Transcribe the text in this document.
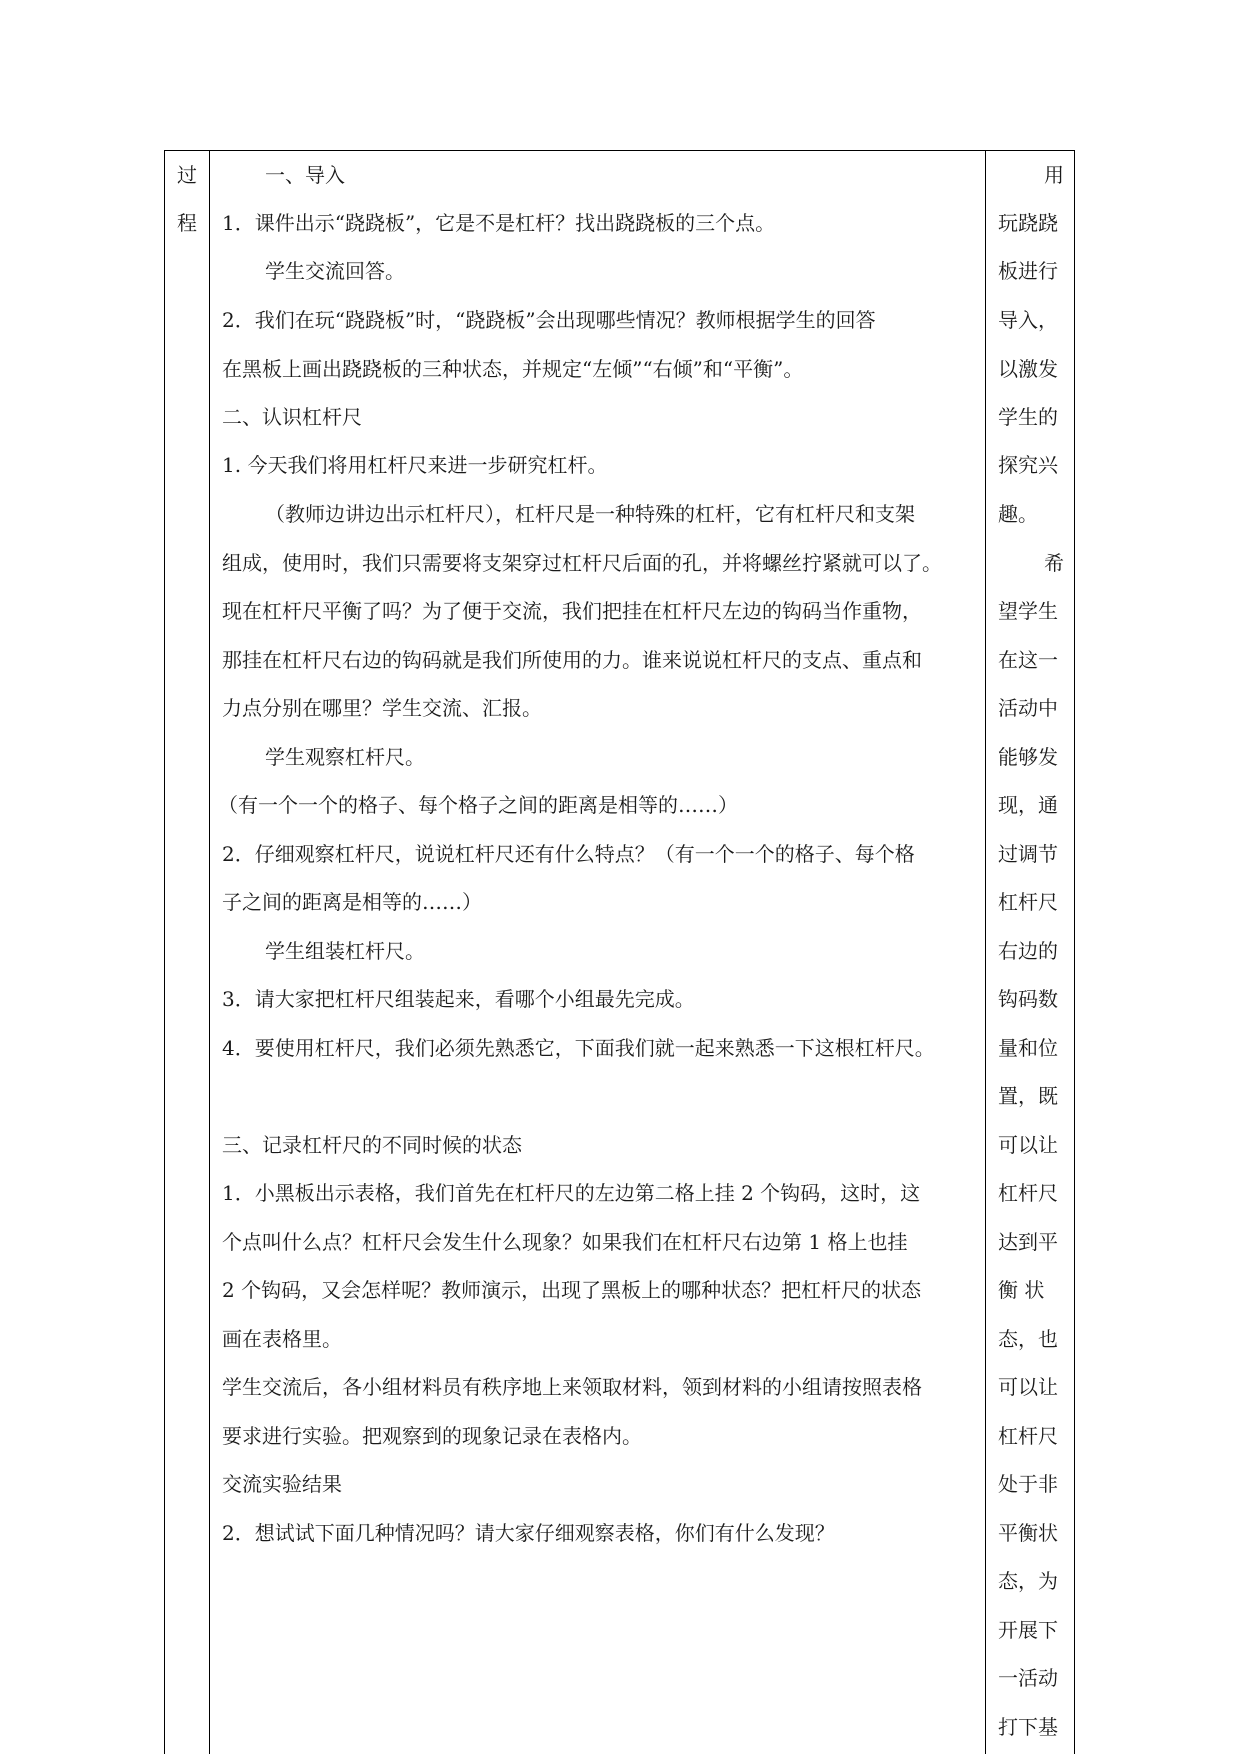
过
程
一、导入
1．课件出示“跷跷板”，它是不是杠杆？找出跷跷板的三个点。
学生交流回答。
2．我们在玩“跷跷板”时，“跷跷板”会出现哪些情况？教师根据学生的回答
在黑板上画出跷跷板的三种状态，并规定“左倾”“右倾”和“平衡”。
二、认识杠杆尺
1. 今天我们将用杠杆尺来进一步研究杠杆。
（教师边讲边出示杠杆尺），杠杆尺是一种特殊的杠杆，它有杠杆尺和支架
组成，使用时，我们只需要将支架穿过杠杆尺后面的孔，并将螺丝拧紧就可以了。
现在杠杆尺平衡了吗？为了便于交流，我们把挂在杠杆尺左边的钩码当作重物，
那挂在杠杆尺右边的钩码就是我们所使用的力。谁来说说杠杆尺的支点、重点和
力点分别在哪里？学生交流、汇报。
学生观察杠杆尺。
（有一个一个的格子、每个格子之间的距离是相等的……）
2．仔细观察杠杆尺，说说杠杆尺还有什么特点？（有一个一个的格子、每个格
子之间的距离是相等的……）
学生组装杠杆尺。
3．请大家把杠杆尺组装起来，看哪个小组最先完成。
4．要使用杠杆尺，我们必须先熟悉它，下面我们就一起来熟悉一下这根杠杆尺。
三、记录杠杆尺的不同时候的状态
1．小黑板出示表格，我们首先在杠杆尺的左边第二格上挂 2 个钩码，这时，这
个点叫什么点？杠杆尺会发生什么现象？如果我们在杠杆尺右边第 1 格上也挂
2 个钩码，又会怎样呢？教师演示，出现了黑板上的哪种状态？把杠杆尺的状态
画在表格里。
学生交流后，各小组材料员有秩序地上来领取材料，领到材料的小组请按照表格
要求进行实验。把观察到的现象记录在表格内。
交流实验结果
2．想试试下面几种情况吗？请大家仔细观察表格，你们有什么发现？
用
玩跷跷
板进行
导入，
以激发
学生的
探究兴
趣。
希
望学生
在这一
活动中
能够发
现，通
过调节
杠杆尺
右边的
钩码数
量和位
置，既
可以让
杠杆尺
达到平
衡 状
态，也
可以让
杠杆尺
处于非
平衡状
态，为
开展下
一活动
打下基
